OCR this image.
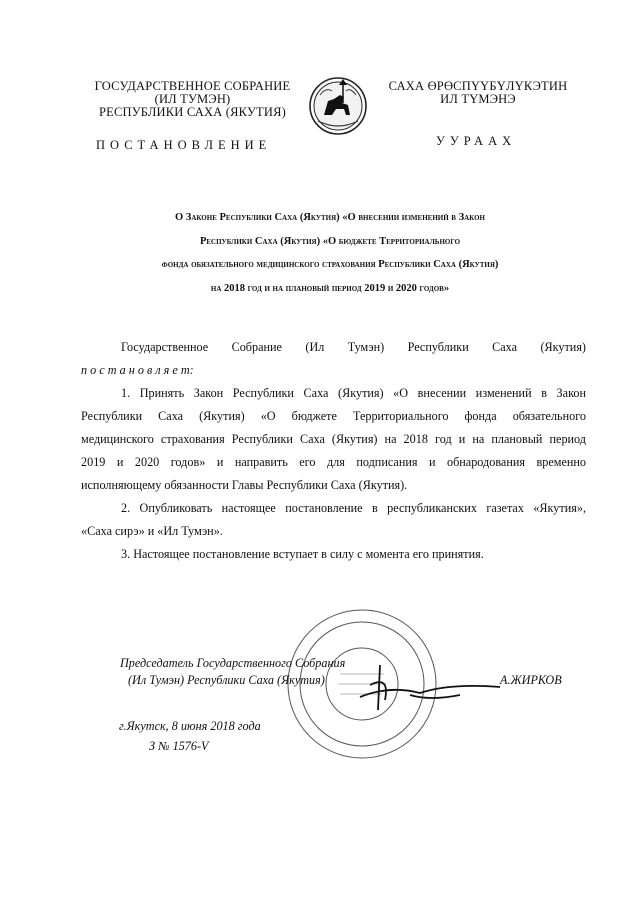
ГОСУДАРСТВЕННОЕ СОБРАНИЕ
(ИЛ ТУМЭН)
РЕСПУБЛИКИ САХА (ЯКУТИЯ)
ПОСТАНОВЛЕНИЕ
САХА ӨРӨСПҮҮБҮЛҮКЭТИН
ИЛ ТҮМЭНЭ
УУРААХ
О Законе Республики Саха (Якутия) «О внесении изменений в Закон
Республики Саха (Якутия) «О бюджете Территориального
фонда обязательного медицинского страхования Республики Саха (Якутия)
на 2018 год и на плановый период 2019 и 2020 годов»
Государственное Собрание (Ил Тумэн) Республики Саха (Якутия)
п о с т а н о в л я е т:
1. Принять Закон Республики Саха (Якутия) «О внесении изменений в Закон
Республики Саха (Якутия) «О бюджете Территориального фонда обязательного
медицинского страхования Республики Саха (Якутия) на 2018 год и на плановый период
2019 и 2020 годов» и направить его для подписания и обнародования временно
исполняющему обязанности Главы Республики Саха (Якутия).
2. Опубликовать настоящее постановление в республиканских газетах «Якутия»,
«Саха сирэ» и «Ил Тумэн».
3. Настоящее постановление вступает в силу с момента его принятия.
Председатель Государственного Собрания
(Ил Тумэн) Республики Саха (Якутия)	А.ЖИРКОВ
г.Якутск, 8 июня 2018 года
З № 1576-V
